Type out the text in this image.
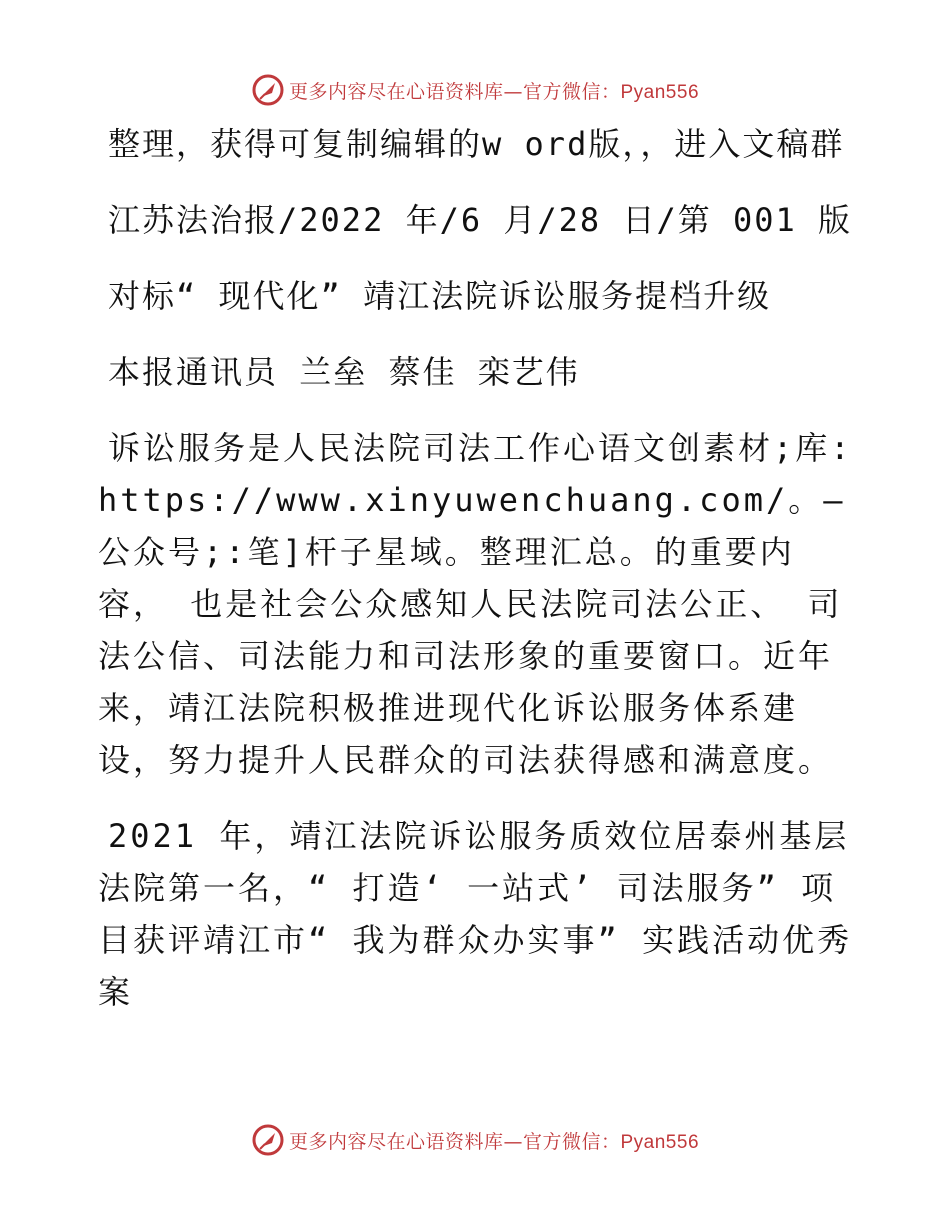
更多内容尽在心语资料库—官方微信：Pyan556

整理，获得可复制编辑的w ord版，，进入文稿群

江苏法治报/2022 年/6 月/28 日/第 001 版

对标“ 现代化” 靖江法院诉讼服务提档升级

本报通讯员 兰垒 蔡佳 栾艺伟

诉讼服务是人民法院司法工作心语文创素材;库:https://www.xinyuwenchuang.com/。—公众号;:笔]杆子星域。整理汇总。的重要内容， 也是社会公众感知人民法院司法公正、 司法公信、司法能力和司法形象的重要窗口。近年来，靖江法院积极推进现代化诉讼服务体系建设，努力提升人民群众的司法获得感和满意度。

2021 年，靖江法院诉讼服务质效位居泰州基层法院第一名，“ 打造‘ 一站式’ 司法服务” 项目获评靖江市“ 我为群众办实事” 实践活动优秀案

更多内容尽在心语资料库—官方微信：Pyan556
